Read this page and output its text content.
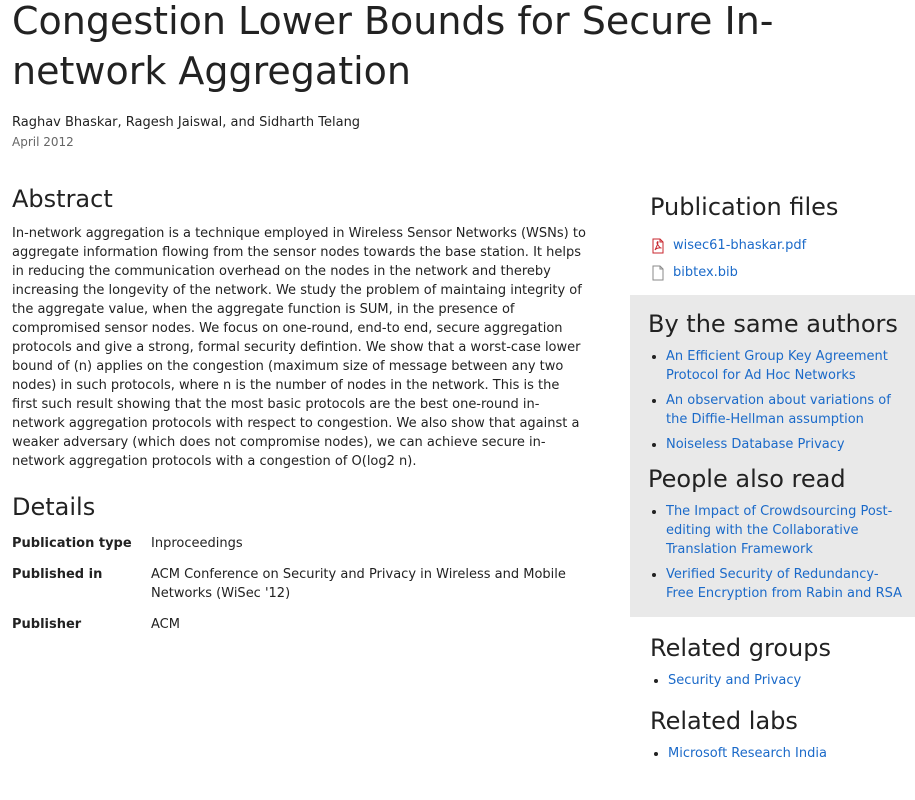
Congestion Lower Bounds for Secure In-network Aggregation
Raghav Bhaskar, Ragesh Jaiswal, and Sidharth Telang
April 2012
Abstract

In-network aggregation is a technique employed in Wireless Sensor Networks (WSNs) to aggregate information flowing from the sensor nodes towards the base station. It helps in reducing the communication overhead on the nodes in the network and thereby increasing the longevity of the network. We study the problem of maintaing integrity of the aggregate value, when the aggregate function is SUM, in the presence of compromised sensor nodes. We focus on one-round, end-to end, secure aggregation protocols and give a strong, formal security defintion. We show that a worst-case lower bound of (n) applies on the congestion (maximum size of message between any two nodes) in such protocols, where n is the number of nodes in the network. This is the first such result showing that the most basic protocols are the best one-round in-network aggregation protocols with respect to congestion. We also show that against a weaker adversary (which does not compromise nodes), we can achieve secure in-network aggregation protocols with a congestion of O(log2 n).

Details
Publication type	Inproceedings
Published in	ACM Conference on Security and Privacy in Wireless and Mobile Networks (WiSec '12)
Publisher	ACM
Publication files
wisec61-bhaskar.pdf
bibtex.bib
By the same authors
• An Efficient Group Key Agreement Protocol for Ad Hoc Networks
• An observation about variations of the Diffie-Hellman assumption
• Noiseless Database Privacy
People also read
• The Impact of Crowdsourcing Post-editing with the Collaborative Translation Framework
• Verified Security of Redundancy-Free Encryption from Rabin and RSA
Related groups
• Security and Privacy
Related labs
• Microsoft Research India
